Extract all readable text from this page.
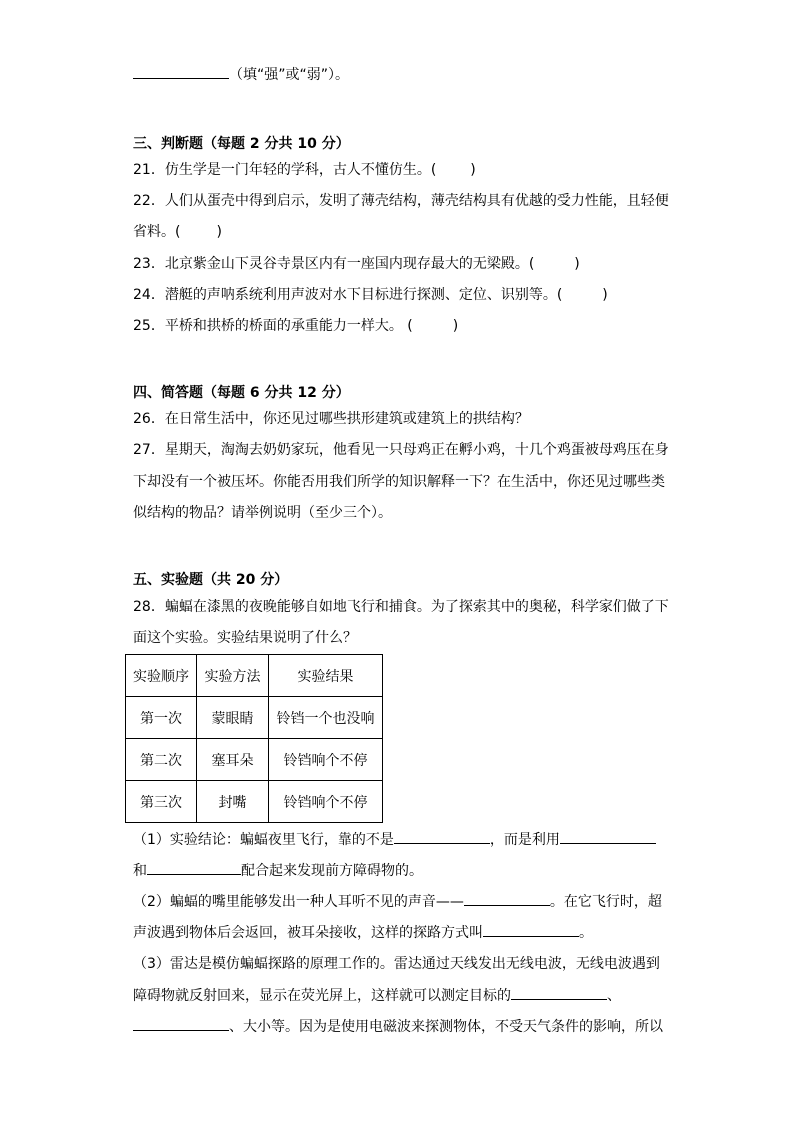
（填“强”或“弱”）。
三、判断题（每题 2 分共 10 分）
21．仿生学是一门年轻的学科，古人不懂仿生。( )
22．人们从蛋壳中得到启示，发明了薄壳结构，薄壳结构具有优越的受力性能，且轻便
省料。(	)
23．北京紫金山下灵谷寺景区内有一座国内现存最大的无梁殿。(	)
24．潜艇的声呐系统利用声波对水下目标进行探测、定位、识别等。(	)
25．平桥和拱桥的桥面的承重能力一样大。 (	)
四、简答题（每题 6 分共 12 分）
26．在日常生活中，你还见过哪些拱形建筑或建筑上的拱结构？
27．星期天，淘淘去奶奶家玩，他看见一只母鸡正在孵小鸡，十几个鸡蛋被母鸡压在身
下却没有一个被压坏。你能否用我们所学的知识解释一下？在生活中，你还见过哪些类
似结构的物品？请举例说明（至少三个）。
五、实验题（共 20 分）
28．蝙蝠在漆黑的夜晚能够自如地飞行和捕食。为了探索其中的奥秘，科学家们做了下
面这个实验。实验结果说明了什么？
实验顺序	实验方法	实验结果
第一次	蒙眼睛	铃铛一个也没响
第二次	塞耳朵	铃铛响个不停
第三次	封嘴	铃铛响个不停
（1）实验结论：蝙蝠夜里飞行，靠的不是	，而是利用
和	配合起来发现前方障碍物的。
（2）蝙蝠的嘴里能够发出一种人耳听不见的声音——	。在它飞行时，超
声波遇到物体后会返回，被耳朵接收，这样的探路方式叫	。
（3）雷达是模仿蝙蝠探路的原理工作的。雷达通过天线发出无线电波，无线电波遇到
障碍物就反射回来，显示在荧光屏上，这样就可以测定目标的	、
、大小等。因为是使用电磁波来探测物体，不受天气条件的影响，所以
